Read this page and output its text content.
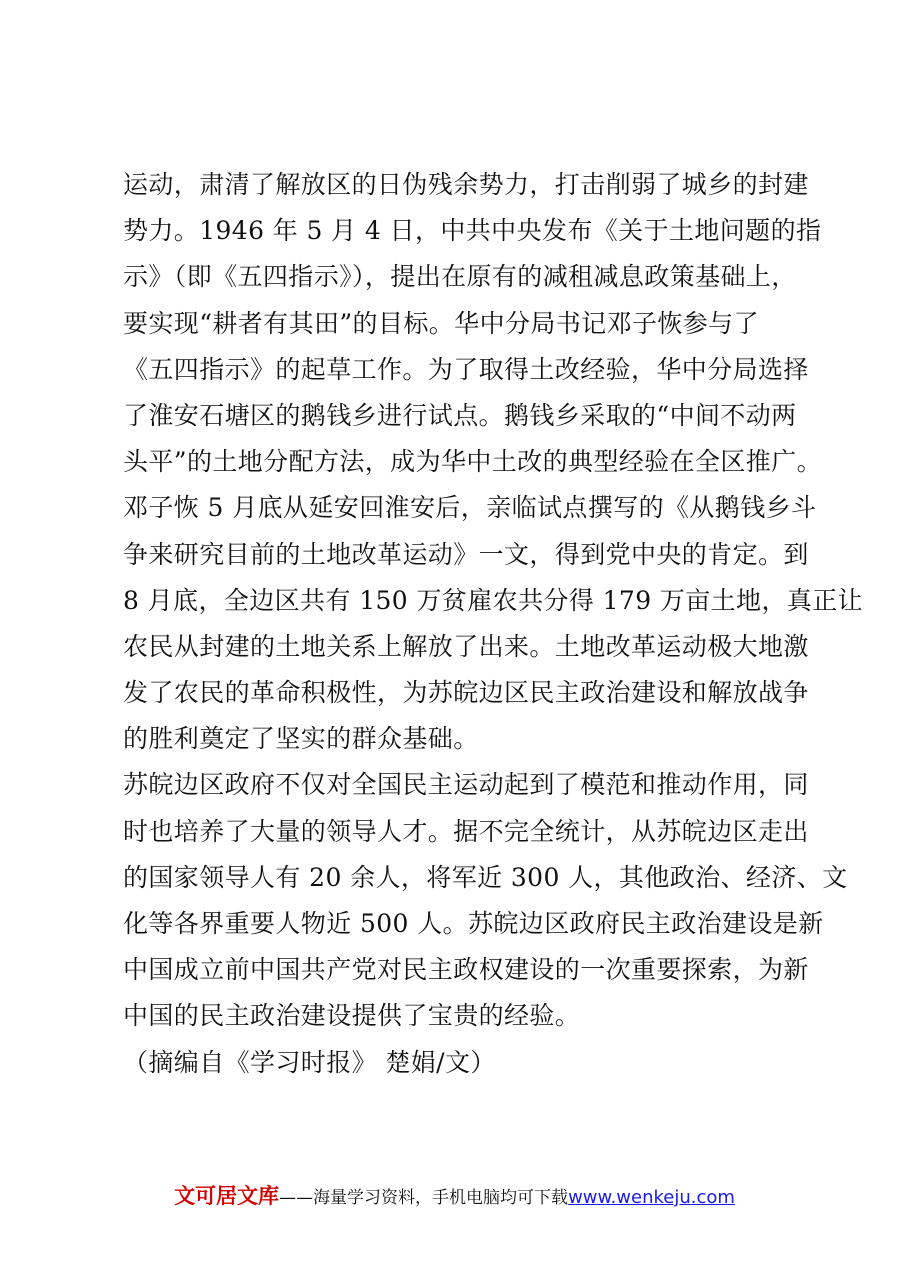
运动，肃清了解放区的日伪残余势力，打击削弱了城乡的封建
势力。1946 年 5 月 4 日，中共中央发布《关于土地问题的指
示》（即《五四指示》），提出在原有的减租减息政策基础上，
要实现“耕者有其田”的目标。华中分局书记邓子恢参与了
《五四指示》的起草工作。为了取得土改经验，华中分局选择
了淮安石塘区的鹅钱乡进行试点。鹅钱乡采取的“中间不动两
头平”的土地分配方法，成为华中土改的典型经验在全区推广。
邓子恢 5 月底从延安回淮安后，亲临试点撰写的《从鹅钱乡斗
争来研究目前的土地改革运动》一文，得到党中央的肯定。到
8 月底，全边区共有 150 万贫雇农共分得 179 万亩土地，真正让
农民从封建的土地关系上解放了出来。土地改革运动极大地激
发了农民的革命积极性，为苏皖边区民主政治建设和解放战争
的胜利奠定了坚实的群众基础。
苏皖边区政府不仅对全国民主运动起到了模范和推动作用，同
时也培养了大量的领导人才。据不完全统计，从苏皖边区走出
的国家领导人有 20 余人，将军近 300 人，其他政治、经济、文
化等各界重要人物近 500 人。苏皖边区政府民主政治建设是新
中国成立前中国共产党对民主政权建设的一次重要探索，为新
中国的民主政治建设提供了宝贵的经验。
（摘编自《学习时报》 楚娟/文）
文可居文库——海量学习资料，手机电脑均可下载www.wenkeju.com
